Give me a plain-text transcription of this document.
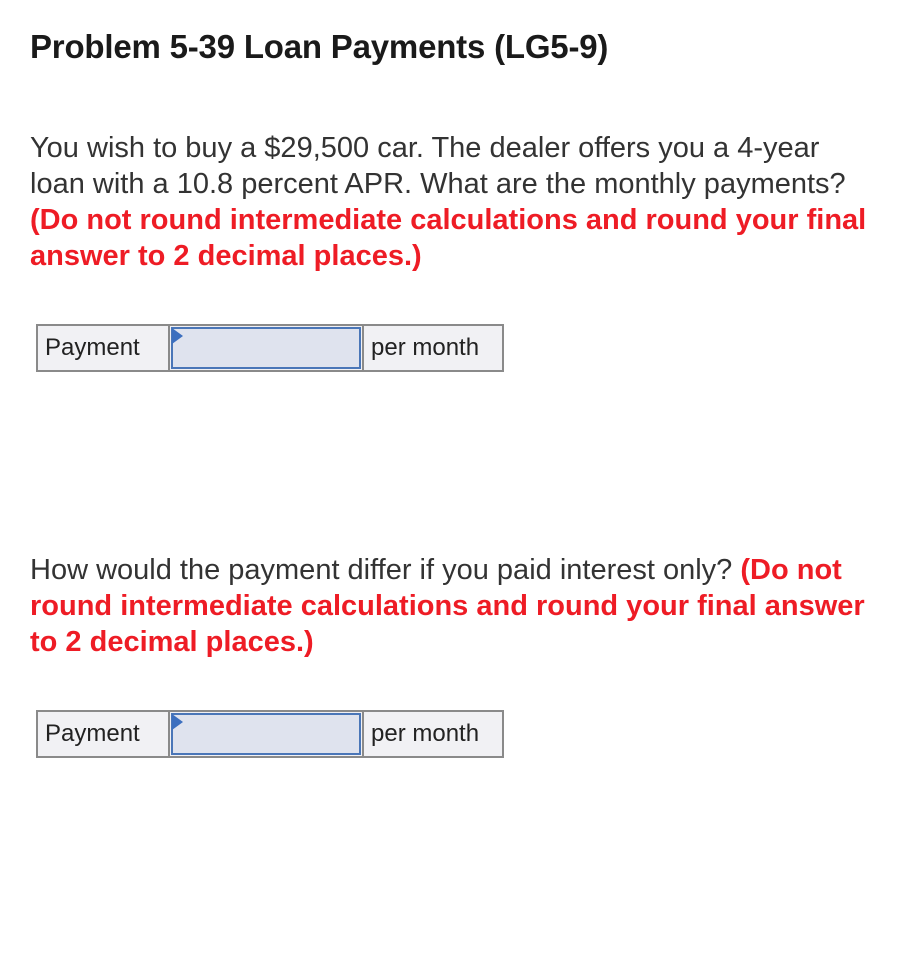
Problem 5-39 Loan Payments (LG5-9)

You wish to buy a $29,500 car. The dealer offers you a 4-year loan with a 10.8 percent APR. What are the monthly payments? (Do not round intermediate calculations and round your final answer to 2 decimal places.)

Payment	per month

How would the payment differ if you paid interest only? (Do not round intermediate calculations and round your final answer to 2 decimal places.)

Payment	per month
